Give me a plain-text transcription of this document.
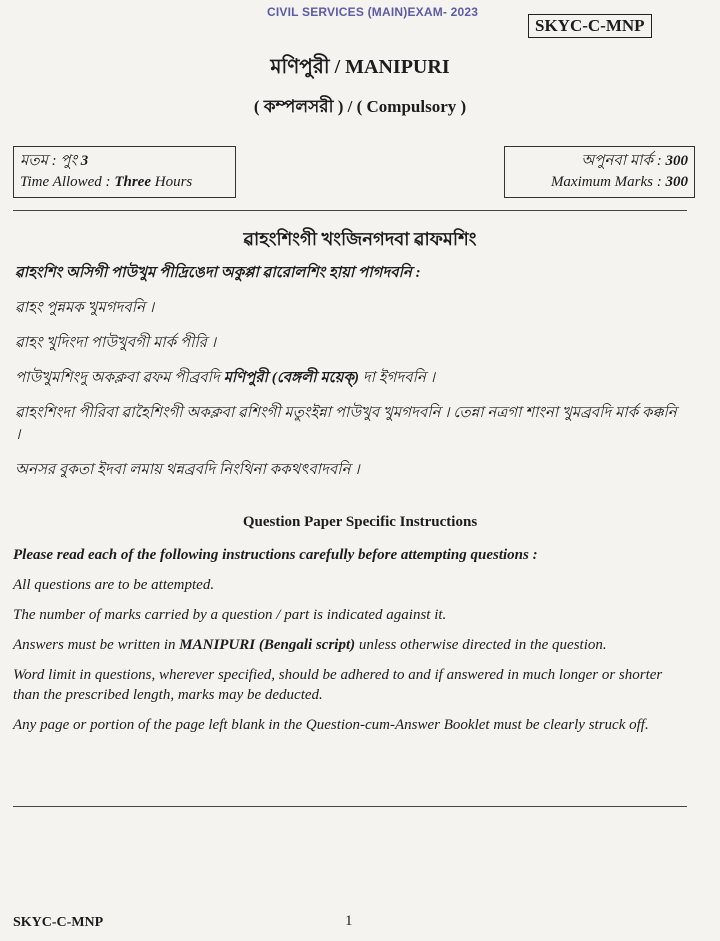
CIVIL SERVICES (MAIN)EXAM- 2023
SKYC-C-MNP
মণিপুরী / MANIPURI
( কম্পলসরী ) / ( Compulsory )
মতম : পুং 3
Time Allowed : Three Hours
অপুনবা মার্ক : 300
Maximum Marks : 300
ৱাহংশিংগী খংজিনগদবা ৱাফমশিং

ৱাহংশিং অসিগী পাউখুম পীদ্রিঙেদা অকুপ্পা ৱারোলশিং হায়া পাগদবনি :

ৱাহং পুন্নমক খুমগদবনি ।

ৱাহং খুদিংদা পাউখুবগী মার্ক পীরি ।

পাউখুমশিংদু অকক্লবা ৱফম পীব্রবদি মণিপুরী (বেঙ্গলী ময়েক্) দা ইগদবনি ।

ৱাহংশিংদা পীরিবা ৱাহৈশিংগী অকক্লবা ৱশিংগী মতুংইন্না পাউখুব খুমগদবনি । তেন্না নত্রগা শাংনা খুমব্রবদি মার্ক কক্কনি ।

অনসর বুকতা ইদবা লমায় থন্নব্রবদি নিংথিনা ককথৎবাদবনি ।

Question Paper Specific Instructions

Please read each of the following instructions carefully before attempting questions :

All questions are to be attempted.

The number of marks carried by a question / part is indicated against it.

Answers must be written in MANIPURI (Bengali script) unless otherwise directed in the question.

Word limit in questions, wherever specified, should be adhered to and if answered in much longer or shorter than the prescribed length, marks may be deducted.

Any page or portion of the page left blank in the Question-cum-Answer Booklet must be clearly struck off.

SKYC-C-MNP	1
